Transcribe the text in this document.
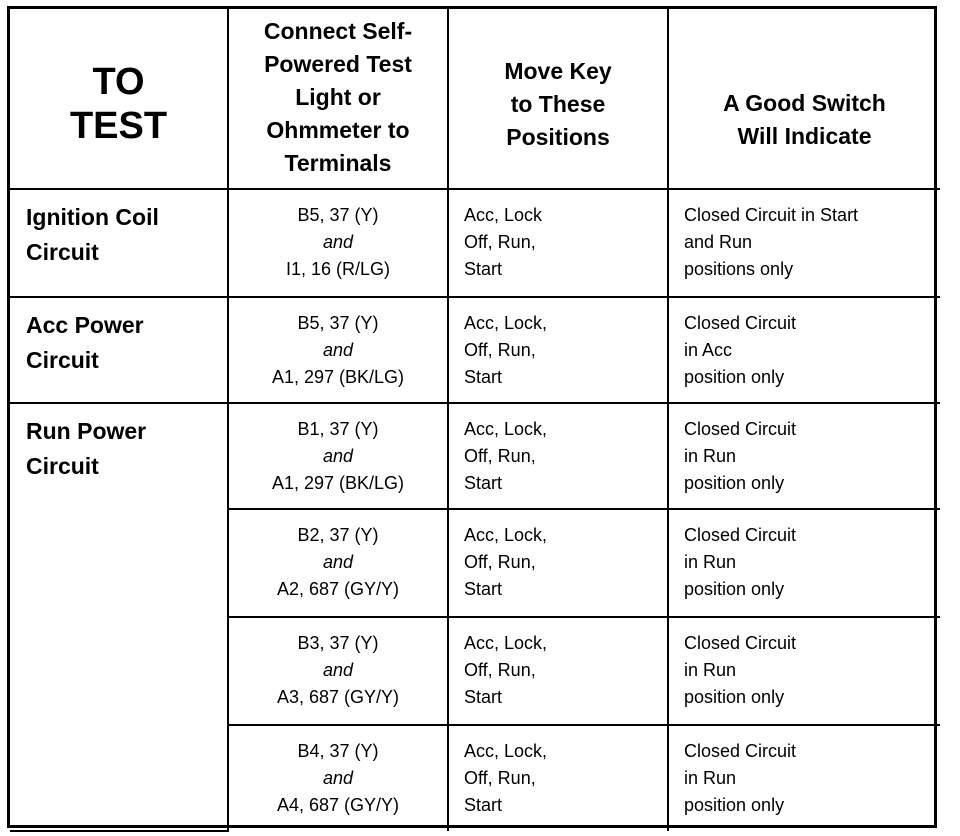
TO
TEST	Connect Self-
Powered Test
Light or
Ohmmeter to
Terminals	Move Key
to These
Positions	A Good Switch
Will Indicate

Ignition Coil
Circuit	B5, 37 (Y)
and
I1, 16 (R/LG)	Acc, Lock
Off, Run,
Start	Closed Circuit in Start
and Run
positions only

Acc Power
Circuit	B5, 37 (Y)
and
A1, 297 (BK/LG)	Acc, Lock,
Off, Run,
Start	Closed Circuit
in Acc
position only

Run Power
Circuit	B1, 37 (Y)
and
A1, 297 (BK/LG)	Acc, Lock,
Off, Run,
Start	Closed Circuit
in Run
position only

	B2, 37 (Y)
and
A2, 687 (GY/Y)	Acc, Lock,
Off, Run,
Start	Closed Circuit
in Run
position only

	B3, 37 (Y)
and
A3, 687 (GY/Y)	Acc, Lock,
Off, Run,
Start	Closed Circuit
in Run
position only

	B4, 37 (Y)
and
A4, 687 (GY/Y)	Acc, Lock,
Off, Run,
Start	Closed Circuit
in Run
position only
